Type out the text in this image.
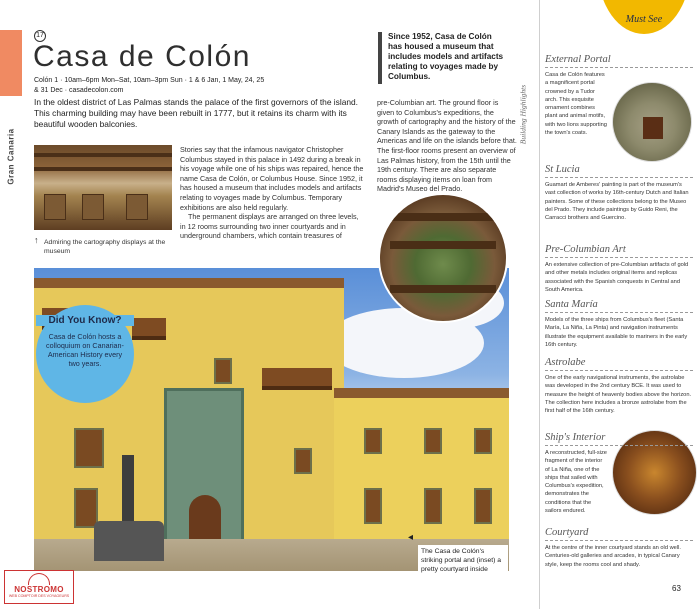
Gran Canaria
17
Casa de Colón
Colón 1 · 10am–6pm Mon–Sat, 10am–3pm Sun · 1 & 6 Jan, 1 May, 24, 25
& 31 Dec · casadecolon.com

In the oldest district of Las Palmas stands the palace of the first governors of the island. This charming building may have been rebuilt in 1777, but it retains its charm with its beautiful wooden balconies.

↑ Admiring the cartography displays at the museum

Stories say that the infamous navigator Christopher Columbus stayed in this palace in 1492 during a break in his voyage while one of his ships was repaired, hence the name Casa de Colón, or Columbus House. Since 1952, it has housed a museum that includes models and artifacts relating to voyages made by Columbus. Temporary exhibitions are also held regularly.

The permanent displays are arranged on three levels, in 12 rooms surrounding two inner courtyards and in underground chambers, which contain treasures of

Since 1952, Casa de Colón has housed a museum that includes models and artifacts relating to voyages made by Columbus.
pre-Columbian art. The ground floor is given to Columbus's expeditions, the growth of cartography and the history of the Canary Islands as the gateway to the Americas and life on the islands before that. The first-floor rooms present an overview of Las Palmas history, from the 15th until the 19th century. There are also separate rooms displaying items on loan from Madrid's Museo del Prado.
Did You Know?
Casa de Colón hosts a colloquium on Canarian-American History every two years.
◂
The Casa de Colón's striking portal and (inset) a pretty courtyard inside
NOSTROMO
WEB COMPTOIR DES VOYAGEURS
Must See
Building Highlights
External Portal
Casa de Colón features a magnificent portal crowned by a Tudor arch. This exquisite ornament combines plant and animal motifs, with two lions supporting the town's coats.
St Lucia
Guamart de Amberes' painting is part of the museum's vast collection of works by 16th-century Dutch and Italian painters. Some of these collections belong to the Museo del Prado. They include paintings by Guido Reni, the Carracci brothers and Guercino.
Pre-Columbian Art
An extensive collection of pre-Columbian artifacts of gold and other metals includes original items and replicas associated with the Spanish conquests in Central and South America.
Santa María
Models of the three ships from Columbus's fleet (Santa María, La Niña, La Pinta) and navigation instruments illustrate the equipment available to mariners in the early 16th century.
Astrolabe
One of the early navigational instruments, the astrolabe was developed in the 2nd century BCE. It was used to measure the height of heavenly bodies above the horizon. The collection here includes a bronze astrolabe from the first half of the 16th century.
Ship's Interior
A reconstructed, full-size fragment of the interior of La Niña, one of the ships that sailed with Columbus's expedition, demonstrates the conditions that the sailors endured.
Courtyard
At the centre of the inner courtyard stands an old well. Centuries-old galleries and arcades, in typical Canary style, keep the rooms cool and shady.
63
